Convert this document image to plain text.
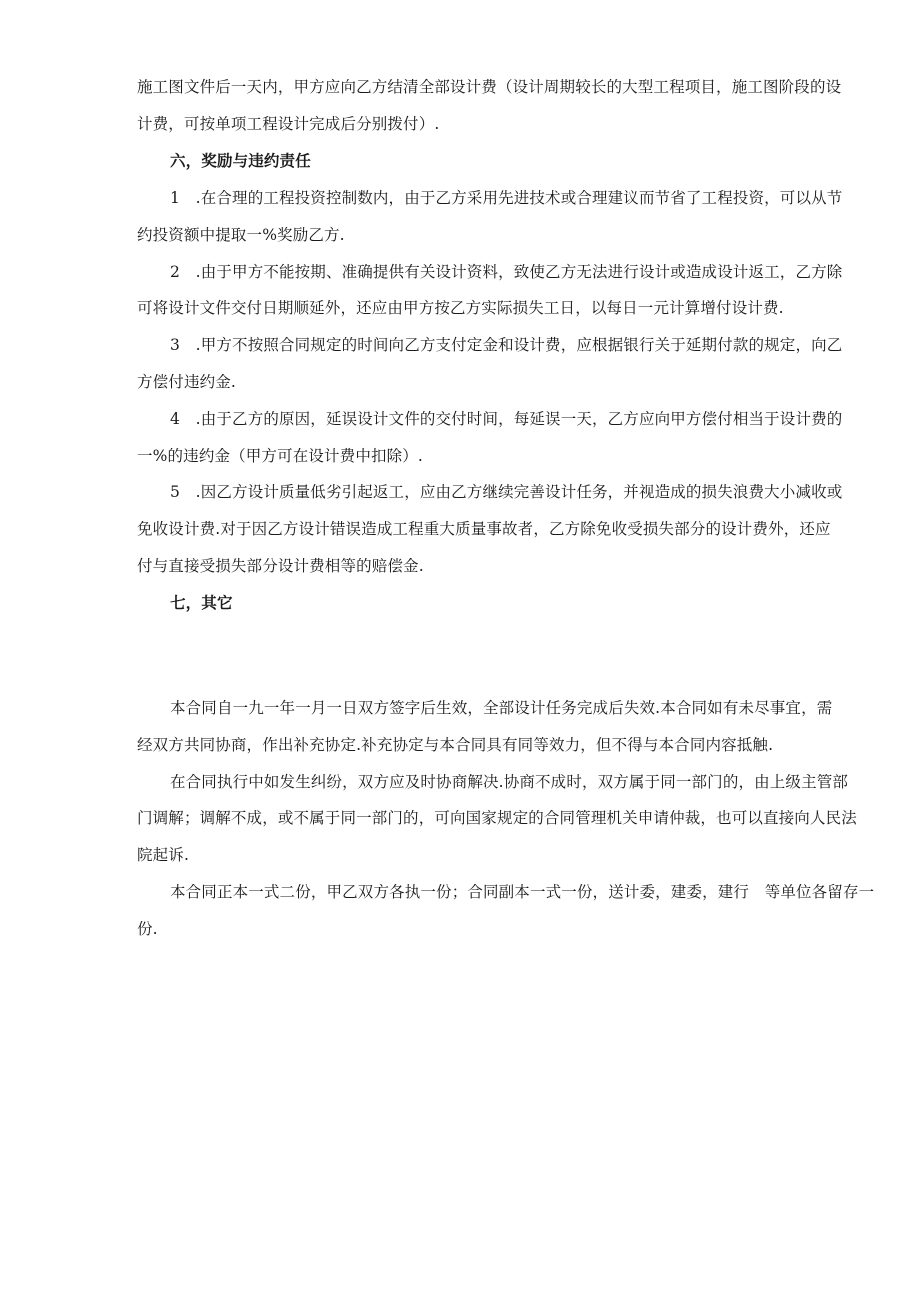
施工图文件后一天内，甲方应向乙方结清全部设计费（设计周期较长的大型工程项目，施工图阶段的设
计费，可按单项工程设计完成后分别拨付）.
六，奖励与违约责任
1　.在合理的工程投资控制数内，由于乙方采用先进技术或合理建议而节省了工程投资，可以从节
约投资额中提取一%奖励乙方.
2　.由于甲方不能按期、准确提供有关设计资料，致使乙方无法进行设计或造成设计返工，乙方除
可将设计文件交付日期顺延外，还应由甲方按乙方实际损失工日，以每日一元计算增付设计费.
3　.甲方不按照合同规定的时间向乙方支付定金和设计费，应根据银行关于延期付款的规定，向乙
方偿付违约金.
4　.由于乙方的原因，延误设计文件的交付时间，每延误一天，乙方应向甲方偿付相当于设计费的
一%的违约金（甲方可在设计费中扣除）.
5　.因乙方设计质量低劣引起返工，应由乙方继续完善设计任务，并视造成的损失浪费大小减收或
免收设计费.对于因乙方设计错误造成工程重大质量事故者，乙方除免收受损失部分的设计费外，还应
付与直接受损失部分设计费相等的赔偿金.
七，其它
本合同自一九一年一月一日双方签字后生效，全部设计任务完成后失效.本合同如有未尽事宜，需
经双方共同协商，作出补充协定.补充协定与本合同具有同等效力，但不得与本合同内容抵触.
在合同执行中如发生纠纷，双方应及时协商解决.协商不成时，双方属于同一部门的，由上级主管部
门调解；调解不成，或不属于同一部门的，可向国家规定的合同管理机关申请仲裁，也可以直接向人民法
院起诉.
本合同正本一式二份，甲乙双方各执一份；合同副本一式一份，送计委，建委，建行　等单位各留存一
份.
